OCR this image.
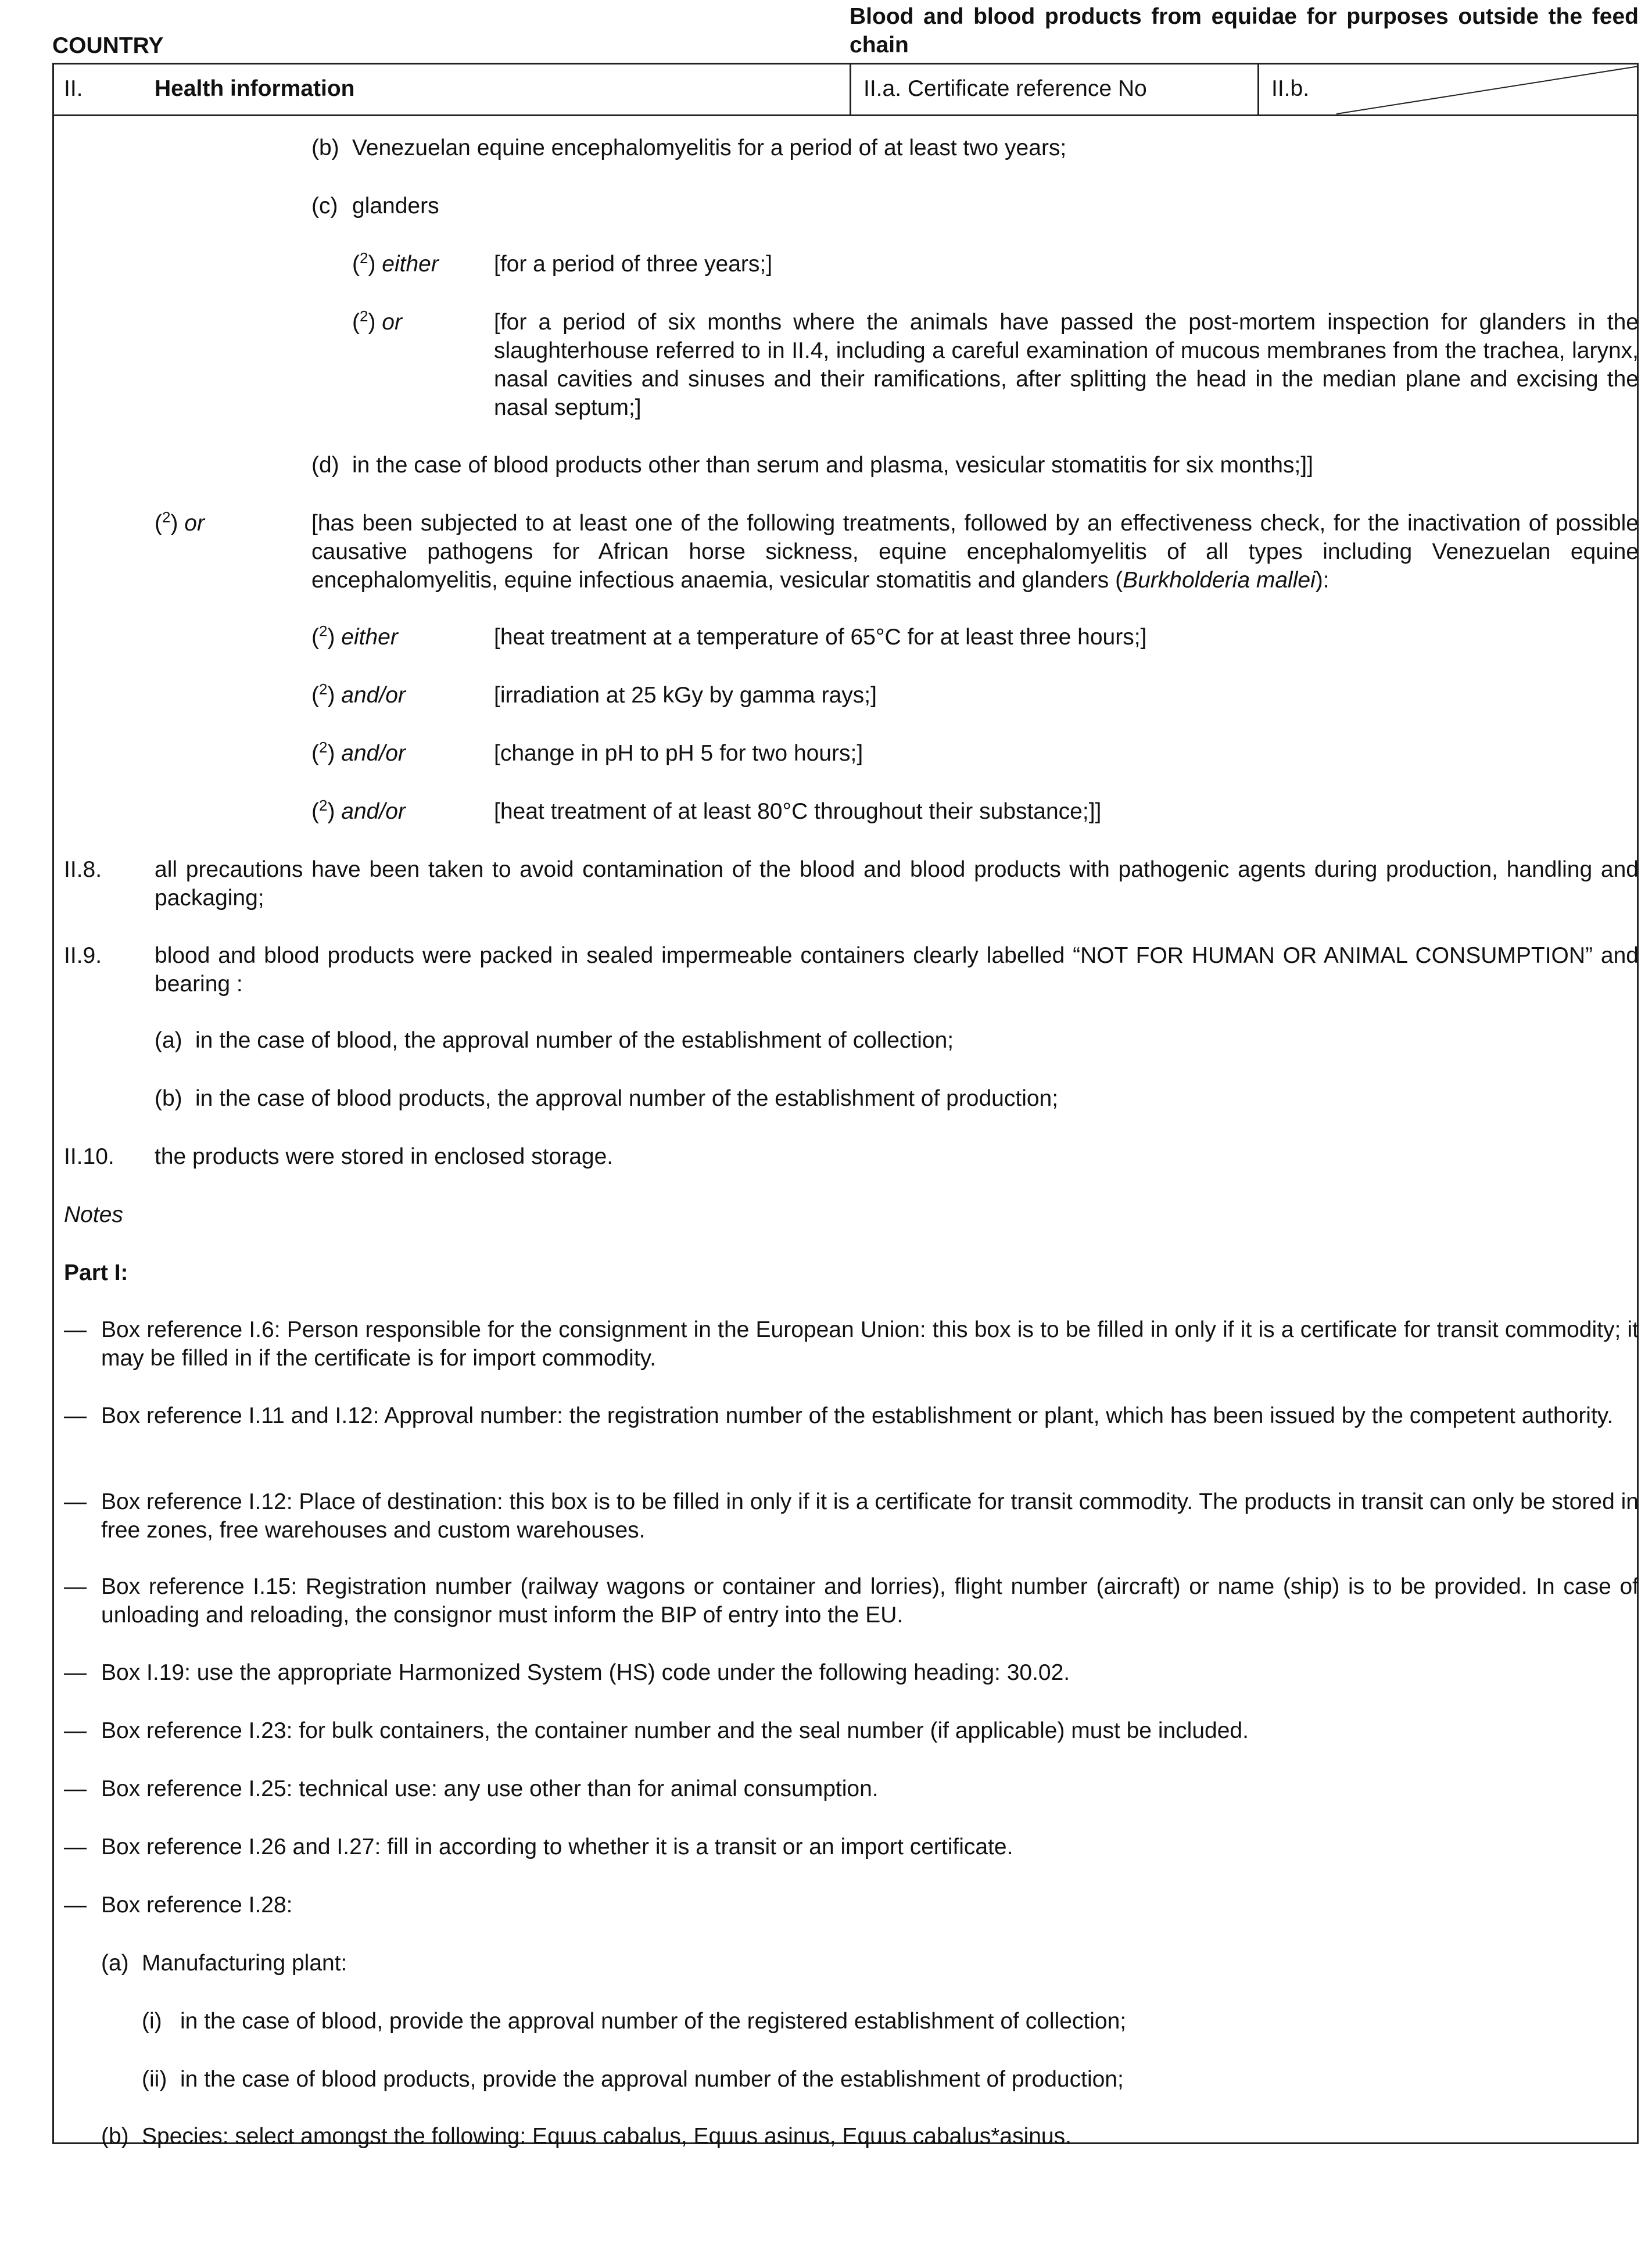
COUNTRY
Blood and blood products from equidae for purposes outside the feed chain
II.	Health information	II.a. Certificate reference No	II.b.
(b) Venezuelan equine encephalomyelitis for a period of at least two years;
(c) glanders
($^2$) either [for a period of three years;]
($^2$) or	[for a period of six months where the animals have passed the post-mortem inspection for glanders in the slaughterhouse referred to in II.4, including a careful examination of mucous membranes from the trachea, larynx, nasal cavities and sinuses and their ramifications, after splitting the head in the median plane and excising the nasal septum;]
(d) in the case of blood products other than serum and plasma, vesicular stomatitis for six months;]]
($^2$) or	[has been subjected to at least one of the following treatments, followed by an effectiveness check, for the inactivation of possible causative pathogens for African horse sickness, equine encephalomyelitis of all types including Venezuelan equine encephalomyelitis, equine infectious anaemia, vesicular stomatitis and glanders (Burkholderia mallei):
($^2$) either	[heat treatment at a temperature of 65°C for at least three hours;]
($^2$) and/or	[irradiation at 25 kGy by gamma rays;]
($^2$) and/or	[change in pH to pH 5 for two hours;]
($^2$) and/or	[heat treatment of at least 80°C throughout their substance;]]
II.8. all precautions have been taken to avoid contamination of the blood and blood products with pathogenic agents during production, handling and packaging;
II.9. blood and blood products were packed in sealed impermeable containers clearly labelled “NOT FOR HUMAN OR ANIMAL CONSUMPTION” and bearing :
(a) in the case of blood, the approval number of the establishment of collection;
(b) in the case of blood products, the approval number of the establishment of production;
II.10. the products were stored in enclosed storage.
Notes
Part I:
— Box reference I.6: Person responsible for the consignment in the European Union: this box is to be filled in only if it is a certificate for transit commodity; it may be filled in if the certificate is for import commodity.
— Box reference I.11 and I.12: Approval number: the registration number of the establishment or plant, which has been issued by the competent authority.
— Box reference I.12: Place of destination: this box is to be filled in only if it is a certificate for transit commodity. The products in transit can only be stored in free zones, free warehouses and custom warehouses.
— Box reference I.15: Registration number (railway wagons or container and lorries), flight number (aircraft) or name (ship) is to be provided. In case of unloading and reloading, the consignor must inform the BIP of entry into the EU.
— Box I.19: use the appropriate Harmonized System (HS) code under the following heading: 30.02.
— Box reference I.23: for bulk containers, the container number and the seal number (if applicable) must be included.
— Box reference I.25: technical use: any use other than for animal consumption.
— Box reference I.26 and I.27: fill in according to whether it is a transit or an import certificate.
— Box reference I.28:
(a) Manufacturing plant:
(i) in the case of blood, provide the approval number of the registered establishment of collection;
(ii) in the case of blood products, provide the approval number of the establishment of production;
(b) Species: select amongst the following: Equus cabalus, Equus asinus, Equus cabalus*asinus.
